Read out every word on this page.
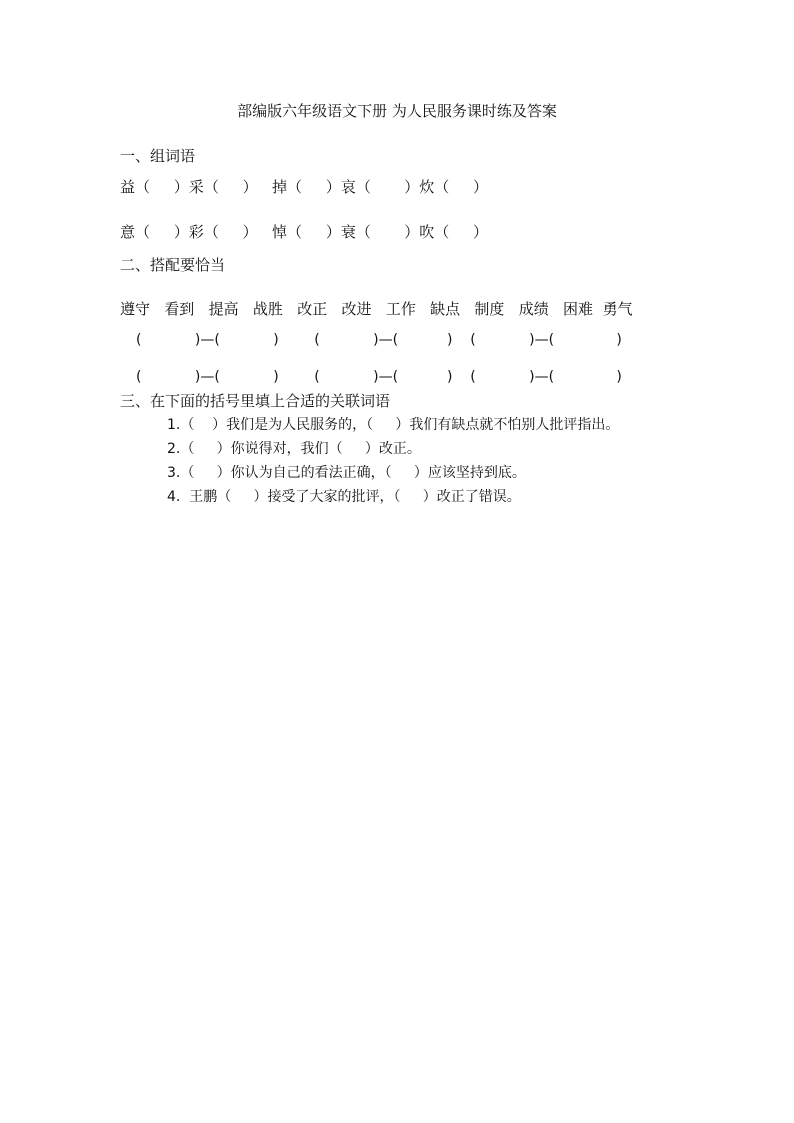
部编版六年级语文下册 为人民服务课时练及答案
一、组词语
益（     ）采（     ）   掉（     ）哀（       ）炊（     ）
意（     ）彩（     ）   悼（     ）衰（       ）吹（     ）
二、搭配要恰当
遵守   看到   提高   战胜   改正   改进   工作   缺点   制度   成绩   困难  勇气
(            )—(            )        (            )—(           )    (            )—(              )
(            )—(            )        (            )—(           )    (            )—(              )
三、在下面的括号里填上合适的关联词语
1.（    ）我们是为人民服务的，（     ）我们有缺点就不怕别人批评指出。
2.（     ）你说得对，我们（     ）改正。
3.（     ）你认为自己的看法正确，（     ）应该坚持到底。
4.  王鹏（     ）接受了大家的批评，（     ）改正了错误。
